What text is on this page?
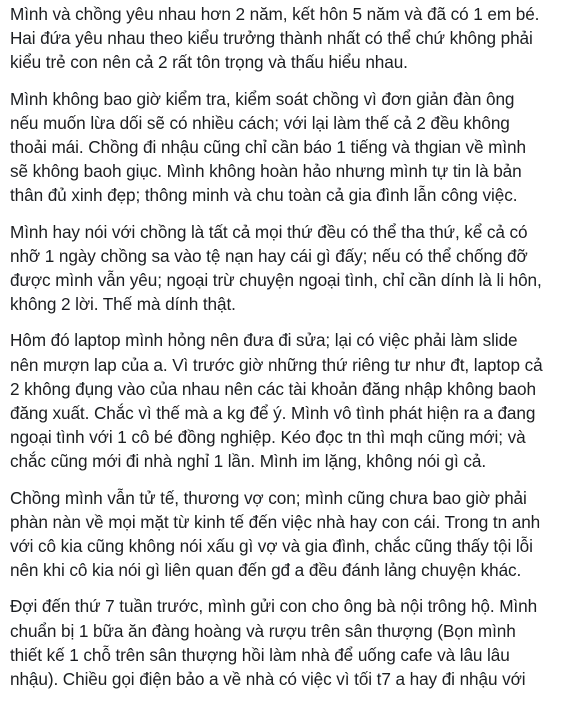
Mình và chồng yêu nhau hơn 2 năm, kết hôn 5 năm và đã có 1 em bé.
Hai đứa yêu nhau theo kiểu trưởng thành nhất có thể chứ không phải
kiểu trẻ con nên cả 2 rất tôn trọng và thấu hiểu nhau.
Mình không bao giờ kiểm tra, kiểm soát chồng vì đơn giản đàn ông
nếu muốn lừa dối sẽ có nhiều cách; với lại làm thế cả 2 đều không
thoải mái. Chồng đi nhậu cũng chỉ cần báo 1 tiếng và thgian về mình
sẽ không baoh giục. Mình không hoàn hảo nhưng mình tự tin là bản
thân đủ xinh đẹp; thông minh và chu toàn cả gia đình lẫn công việc.
Mình hay nói với chồng là tất cả mọi thứ đều có thể tha thứ, kể cả có
nhỡ 1 ngày chồng sa vào tệ nạn hay cái gì đấy; nếu có thể chống đỡ
được mình vẫn yêu; ngoại trừ chuyện ngoại tình, chỉ cần dính là li hôn,
không 2 lời. Thế mà dính thật.
Hôm đó laptop mình hỏng nên đưa đi sửa; lại có việc phải làm slide
nên mượn lap của a. Vì trước giờ những thứ riêng tư như đt, laptop cả
2 không đụng vào của nhau nên các tài khoản đăng nhập không baoh
đăng xuất. Chắc vì thế mà a kg để ý. Mình vô tình phát hiện ra a đang
ngoại tình với 1 cô bé đồng nghiệp. Kéo đọc tn thì mqh cũng mới; và
chắc cũng mới đi nhà nghỉ 1 lần. Mình im lặng, không nói gì cả.
Chồng mình vẫn tử tế, thương vợ con; mình cũng chưa bao giờ phải
phàn nàn về mọi mặt từ kinh tế đến việc nhà hay con cái. Trong tn anh
với cô kia cũng không nói xấu gì vợ và gia đình, chắc cũng thấy tội lỗi
nên khi cô kia nói gì liên quan đến gđ a đều đánh lảng chuyện khác.
Đợi đến thứ 7 tuần trước, mình gửi con cho ông bà nội trông hộ. Mình
chuẩn bị 1 bữa ăn đàng hoàng và rượu trên sân thượng (Bọn mình
thiết kế 1 chỗ trên sân thượng hồi làm nhà để uống cafe và lâu lâu
nhậu). Chiều gọi điện bảo a về nhà có việc vì tối t7 a hay đi nhậu với
